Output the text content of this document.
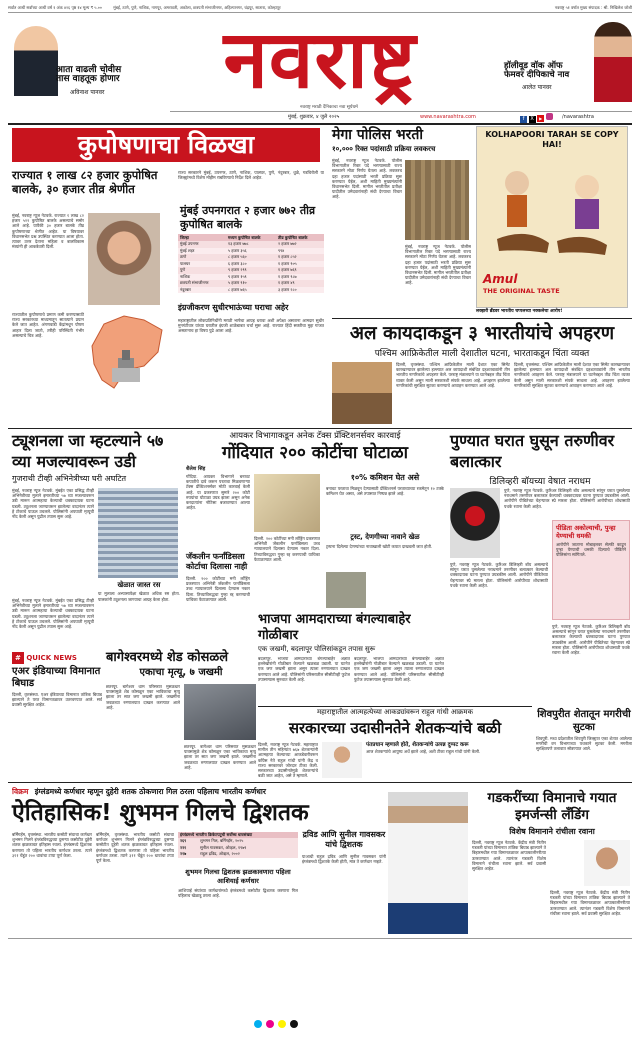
सर्वात आधी सर्वांच्या आधी वर्ष १ अंक ४२६ पृष्ठ १४ मूल्य ₹ ५.००	मुंबई, ठाणे, पुणे, नाशिक, नागपूर, अमरावती, अकोला, छत्रपती संभाजीनगर, अहिल्यानगर, चंद्रपूर, सातारा, कोल्हापूर	नवराष्ट्र ५१ वर्षात मुख्य संपादक : श्री. निखिलेश जोशी
आता वाढली चोवीस
तास वाहतूक होणार
अविनाश पानवर	नवराष्ट्र
नवराष्ट्र मराठी दैनिकाचा नवा सूर्यधर्म
हॉलीवूड वॉक ऑफ
फेमवर दीपिकाचे नाव
आलेत पानवर
मुंबई, शुक्रवार, ४ जुलै २०२५	www.navarashtra.com	f X ▶	/navarashtra
कुपोषणाचा विळखा
राज्यात १ लाख ८२ हजार कुपोषित बालके, ३० हजार तीव्र श्रेणीत
मुंबई, नवराष्ट्र न्यूज नेटवर्क. राज्यात १ लाख ८२ हजार ५२२ कुपोषित बालके असल्याचे समोर आले आहे. यापैकी ३० हजार बालके तीव्र कुपोषणाच्या श्रेणीत आहेत. या विषयावर विधानसभेत प्रश्न उपस्थित करण्यात आला होता. त्यावर उत्तर देताना महिला व बालविकास मंत्र्यांनी ही आकडेवारी दिली.
राज्यातील कुपोषणाचे प्रमाण कमी करण्यासाठी राज्य सरकारच्या माध्यमातून सातत्याने प्रयत्न केले जात आहेत. अंगणवाडी केंद्रांमधून पोषण आहार दिला जातो, तरीही परिस्थिती गंभीर असल्याचे चित्र आहे.
राज्य सरकारने मुंबई, उपनगर, ठाणे, नाशिक, पालघर, पुणे, नंदुरबार, धुळे, गडचिरोली या जिल्ह्यांमध्ये विशेष मोहीम राबविण्याचे निर्देश दिले आहेत.
मुंबई उपनगरात २ हजार ७७२ तीव्र कुपोषित बालके
जिल्हा	मध्यम कुपोषित बालके	तीव्र कुपोषित बालके
मुंबई उपनगर	१३ हजार ७७८	२ हजार ७७२
मुंबई शहर	५ हजार ३५६	९९४
ठाणे	८ हजार ५६०	१ हजार ८५२
पालघर	६ हजार ३८०	१ हजार ९०५
पुणे	९ हजार २९९	१ हजार ७६९
नाशिक	९ हजार १५९	१ हजार ९८७
छत्रपती संभाजीनगर	५ हजार ९१०	१ हजार ४९
नंदुरबार	८ हजार ७६५	३ हजार २८०
इंग्रजीकरण सुधीरभाऊंच्या घराचा अहेर
महाराष्ट्रातील लोकप्रतिनिधींनी मराठी भाषेचा आग्रह धरावा अशी अपेक्षा असताना आमदार सुधीर मुनगंटीवार यांच्या घरातील इंग्रजी शाळेबाबत चर्चा सुरू आहे. राज्यात हिंदी सक्तीचा मुद्दा गाजत असतानाच हा विषय पुढे आला आहे.
मेगा पोलिस भरती
१०,००० रिक्त पदांसाठी प्रक्रिया लवकरच
मुंबई, नवराष्ट्र न्यूज नेटवर्क. पोलीस विभागातील रिक्त पदे भरण्यासाठी राज्य सरकारने मोठा निर्णय घेतला आहे. लवकरच दहा हजार पदांसाठी भरती प्रक्रिया सुरू करण्यात येईल, अशी माहिती मुख्यमंत्र्यांनी विधानसभेत दिली. मागील भरतीतील प्रतीक्षा यादीतील उमेदवारांनाही संधी देण्याचा विचार आहे.
मुंबई, नवराष्ट्र न्यूज नेटवर्क. पोलीस विभागातील रिक्त पदे भरण्यासाठी राज्य सरकारने मोठा निर्णय घेतला आहे. लवकरच दहा हजार पदांसाठी भरती प्रक्रिया सुरू करण्यात येईल, अशी माहिती मुख्यमंत्र्यांनी विधानसभेत दिली. मागील भरतीतील प्रतीक्षा यादीतील उमेदवारांनाही संधी देण्याचा विचार आहे.
KOLHAPOORI TARAH SE COPY HAI!
Amul
THE ORIGINAL TASTE
लक्झरी ब्रँडवर भारतीय चप्पलच्या नक्कलेचा आरोप!
अल कायदाकडून ३ भारतीयांचे अपहरण
पश्चिम आफ्रिकेतील माली देशातील घटना, भारताकडून चिंता व्यक्त
दिल्ली, वृत्तसंस्था. पश्चिम आफ्रिकेतील माली देशात एका सिमेंट कारखान्यावर झालेल्या हल्ल्यात अल कायदाशी संबंधित दहशतवाद्यांनी तीन भारतीय नागरिकांचे अपहरण केले. परराष्ट्र मंत्रालयाने या घटनेबद्दल तीव्र चिंता व्यक्त केली असून माली सरकारशी संपर्क साधला आहे. अपहरण झालेल्या नागरिकांची सुरक्षित सुटका करण्याचे आवाहन करण्यात आले आहे.
दिल्ली, वृत्तसंस्था. पश्चिम आफ्रिकेतील माली देशात एका सिमेंट कारखान्यावर झालेल्या हल्ल्यात अल कायदाशी संबंधित दहशतवाद्यांनी तीन भारतीय नागरिकांचे अपहरण केले. परराष्ट्र मंत्रालयाने या घटनेबद्दल तीव्र चिंता व्यक्त केली असून माली सरकारशी संपर्क साधला आहे. अपहरण झालेल्या नागरिकांची सुरक्षित सुटका करण्याचे आवाहन करण्यात आले आहे.
ट्यूशनला जा म्हटल्याने ५७ व्या मजल्यावरून उडी
गुजराथी टीव्ही अभिनेत्रीच्या घरी अघटित
मुंबई, नवराष्ट्र न्यूज नेटवर्क. मुंबईत एका प्रसिद्ध टीव्ही अभिनेत्रीच्या मुलाने इमारतीच्या ५७ व्या मजल्यावरून उडी मारून आत्महत्या केल्याची धक्कादायक घटना घडली. ट्यूशनला जाण्यावरून झालेल्या वादानंतर त्याने हे टोकाचे पाऊल उचलले. पोलिसांनी अपघाती मृत्यूची नोंद केली असून पुढील तपास सुरू आहे.
खेळात जास्त रस
या मुलाला अभ्यासापेक्षा खेळात अधिक रस होता. पालकांनी ट्यूशनला जाण्याचा आग्रह केला होता.
मुंबई, नवराष्ट्र न्यूज नेटवर्क. मुंबईत एका प्रसिद्ध टीव्ही अभिनेत्रीच्या मुलाने इमारतीच्या ५७ व्या मजल्यावरून उडी मारून आत्महत्या केल्याची धक्कादायक घटना घडली. ट्यूशनला जाण्यावरून झालेल्या वादानंतर त्याने हे टोकाचे पाऊल उचलले. पोलिसांनी अपघाती मृत्यूची नोंद केली असून पुढील तपास सुरू आहे.
आयकर विभागाकडून अनेक टॅक्स प्रॅक्टिशनर्सवर कारवाई
गोंदियात २०० कोटींचा घोटाळा
शैलेश सिंह
गोंदिया. आयकर विभागाने बनावट कपातीचे दावे करून परतावा मिळवणाऱ्या टॅक्स प्रॅक्टिशनर्सवर मोठी कारवाई केली आहे. या प्रकरणात सुमारे २०० कोटी रुपयांचा घोटाळा उघड झाला असून अनेक करदात्यांना नोटिसा बजावण्यात आल्या आहेत.
१०% कमिशन घेत असे
बनावट परतावा मिळवून देण्यासाठी प्रॅक्टिशनर्स परताव्याच्या रकमेतून १० टक्के कमिशन घेत असत, असे तपासात निष्पन्न झाले आहे.
ट्रस्ट, देणगीच्या नावाने खेळ
ट्रस्टना दिलेल्या देणग्यांच्या नावाखाली खोटी कपात दाखवली जात होती.
जॅकलीन फर्नांडिसला कोर्टाचा दिलासा नाही
दिल्ली. २०० कोटींच्या मनी लाँड्रिंग प्रकरणात अभिनेत्री जॅकलीन फर्नांडिसला उच्च न्यायालयाने दिलासा देण्यास नकार दिला. तिच्याविरुद्धचा गुन्हा रद्द करण्याची याचिका फेटाळण्यात आली.
दिल्ली. २०० कोटींच्या मनी लाँड्रिंग प्रकरणात अभिनेत्री जॅकलीन फर्नांडिसला उच्च न्यायालयाने दिलासा देण्यास नकार दिला. तिच्याविरुद्धचा गुन्हा रद्द करण्याची याचिका फेटाळण्यात आली.
भाजपा आमदाराच्या बंगल्याबाहेर गोळीबार
एक जखमी, बदलापूर पोलिसांकडून तपास सुरू
बदलापूर. भाजपा आमदाराच्या बंगल्याबाहेर अज्ञात हल्लेखोरांनी गोळीबार केल्याने खळबळ उडाली. या घटनेत एक जण जखमी झाला असून त्याला रुग्णालयात दाखल करण्यात आले आहे. पोलिसांनी परिसरातील सीसीटीव्ही फुटेज तपासण्यास सुरुवात केली आहे.
बदलापूर. भाजपा आमदाराच्या बंगल्याबाहेर अज्ञात हल्लेखोरांनी गोळीबार केल्याने खळबळ उडाली. या घटनेत एक जण जखमी झाला असून त्याला रुग्णालयात दाखल करण्यात आले आहे. पोलिसांनी परिसरातील सीसीटीव्ही फुटेज तपासण्यास सुरुवात केली आहे.
पुण्यात घरात घुसून तरुणीवर बलात्कार
डिलिव्हरी बॉयच्या वेषात नराधम
पुणे, नवराष्ट्र न्यूज नेटवर्क. कुरिअर डिलिव्हरी बॉय असल्याचे सांगून घरात घुसलेल्या नराधमाने तरुणीवर बलात्कार केल्याची धक्कादायक घटना पुण्यात उघडकीस आली. आरोपीने पीडितेच्या चेहऱ्यावर स्प्रे मारला होता. पोलिसांनी आरोपीच्या शोधासाठी पथके रवाना केली आहेत.
पीडिता अकोल्याची, पुन्हा येण्याची धमकी
आरोपीने जाताना मोबाइलवर सेल्फी काढून पुन्हा येण्याची धमकी दिल्याचे पीडितेने पोलिसांना सांगितले.
पुणे, नवराष्ट्र न्यूज नेटवर्क. कुरिअर डिलिव्हरी बॉय असल्याचे सांगून घरात घुसलेल्या नराधमाने तरुणीवर बलात्कार केल्याची धक्कादायक घटना पुण्यात उघडकीस आली. आरोपीने पीडितेच्या चेहऱ्यावर स्प्रे मारला होता. पोलिसांनी आरोपीच्या शोधासाठी पथके रवाना केली आहेत.
पुणे, नवराष्ट्र न्यूज नेटवर्क. कुरिअर डिलिव्हरी बॉय असल्याचे सांगून घरात घुसलेल्या नराधमाने तरुणीवर बलात्कार केल्याची धक्कादायक घटना पुण्यात उघडकीस आली. आरोपीने पीडितेच्या चेहऱ्यावर स्प्रे मारला होता. पोलिसांनी आरोपीच्या शोधासाठी पथके रवाना केली आहेत.
# QUICK NEWS
एअर इंडियाच्या विमानात बिघाड
दिल्ली, वृत्तसंस्था. एअर इंडियाच्या विमानात तांत्रिक बिघाड झाल्याने ते परत विमानतळावर उतरवण्यात आले. सर्व प्रवासी सुरक्षित आहेत.
बागेश्वरमध्ये शेड कोसळले
एकाचा मृत्यू, ७ जखमी
छतरपूर. बागेश्वर धाम परिसरात मुसळधार पावसामुळे शेड कोसळून एका भाविकाचा मृत्यू झाला तर सात जण जखमी झाले. जखमींना जवळच्या रुग्णालयात दाखल करण्यात आले आहे.
छतरपूर. बागेश्वर धाम परिसरात मुसळधार पावसामुळे शेड कोसळून एका भाविकाचा मृत्यू झाला तर सात जण जखमी झाले. जखमींना जवळच्या रुग्णालयात दाखल करण्यात आले आहे.
महाराष्ट्रातील आत्महत्येच्या आकड्यांवरून राहुल गांधी आक्रमक
सरकारच्या उदासीनतेने शेतकऱ्यांचे बळी
दिल्ली, नवराष्ट्र न्यूज नेटवर्क. महाराष्ट्रात मागील तीन महिन्यांत ७६७ शेतकऱ्यांनी आत्महत्या केल्याच्या आकडेवारीवरून काँग्रेस नेते राहुल गांधी यांनी केंद्र व राज्य सरकारवर जोरदार टीका केली. सरकारच्या उदासीनतेमुळे शेतकऱ्यांचे बळी जात आहेत, असे ते म्हणाले.
पंतप्रधान म्हणाले होते, शेतकऱ्यांचे उत्पन्न दुप्पट करू
आज शेतकऱ्यांचे आयुष्य अर्धे झाले आहे, अशी टीका राहुल गांधी यांनी केली.
शिवपुरीत शेतातून मगरीची सुटका
शिवपुरी. मध्य प्रदेशातील शिवपुरी जिल्ह्यात एका शेतात आलेल्या मगरीची वन विभागाच्या पथकाने सुटका केली. मगरीला सुरक्षितपणे तलावात सोडण्यात आले.
विक्रम इंग्लंडमध्ये कर्णधार म्हणून दुहेरी शतक ठोकणारा गिल ठरला पहिलाच भारतीय कर्णधार
ऐतिहासिक! शुभमन गिलचे द्विशतक
बर्मिंगहॅम, वृत्तसंस्था. भारतीय कसोटी संघाचा कर्णधार शुभमन गिलने इंग्लंडविरुद्धच्या दुसऱ्या कसोटीत दुहेरी शतक झळकावत इतिहास रचला. इंग्लंडमध्ये द्विशतक करणारा तो पहिला भारतीय कर्णधार ठरला. त्याने ३११ चेंडूंत २०० धावांचा टप्पा पूर्ण केला.
बर्मिंगहॅम, वृत्तसंस्था. भारतीय कसोटी संघाचा कर्णधार शुभमन गिलने इंग्लंडविरुद्धच्या दुसऱ्या कसोटीत दुहेरी शतक झळकावत इतिहास रचला. इंग्लंडमध्ये द्विशतक करणारा तो पहिला भारतीय कर्णधार ठरला. त्याने ३११ चेंडूंत २०० धावांचा टप्पा पूर्ण केला.
इंग्लंडमध्ये भारतीय क्रिकेटपटूची सर्वोच्च धावसंख्या
२६९	शुभमन गिल, बर्मिंगहॅम, २०२५
२२१	सुनील गावसकर, ओव्हल, १९७९
२१७	राहुल द्रविड, ओव्हल, २००२
शुभमन गिलचा द्विशतक झळकावणारा पहिला आशियाई कर्णधार
आशियाई संघांच्या कर्णधारांमध्ये इंग्लंडमध्ये कसोटीत द्विशतक करणारा गिल पहिलाच खेळाडू ठरला आहे.
द्रविड आणि सुनील गावसकर यांचे द्विशतक
याआधी राहुल द्रविड आणि सुनील गावसकर यांनी इंग्लंडमध्ये द्विशतके केली होती, मात्र ते कर्णधार नव्हते.
गडकरींच्या विमानाचे गयात इमर्जन्सी लँडिंग
विशेष विमानाने रांचीला रवाना
दिल्ली, नवराष्ट्र न्यूज नेटवर्क. केंद्रीय मंत्री नितीन गडकरी यांच्या विमानात तांत्रिक बिघाड झाल्याने ते बिहारमधील गया विमानतळावर आपत्कालीनरीत्या उतरवण्यात आले. त्यानंतर गडकरी विशेष विमानाने रांचीला रवाना झाले. सर्व प्रवासी सुरक्षित आहेत.
दिल्ली, नवराष्ट्र न्यूज नेटवर्क. केंद्रीय मंत्री नितीन गडकरी यांच्या विमानात तांत्रिक बिघाड झाल्याने ते बिहारमधील गया विमानतळावर आपत्कालीनरीत्या उतरवण्यात आले. त्यानंतर गडकरी विशेष विमानाने रांचीला रवाना झाले. सर्व प्रवासी सुरक्षित आहेत.
